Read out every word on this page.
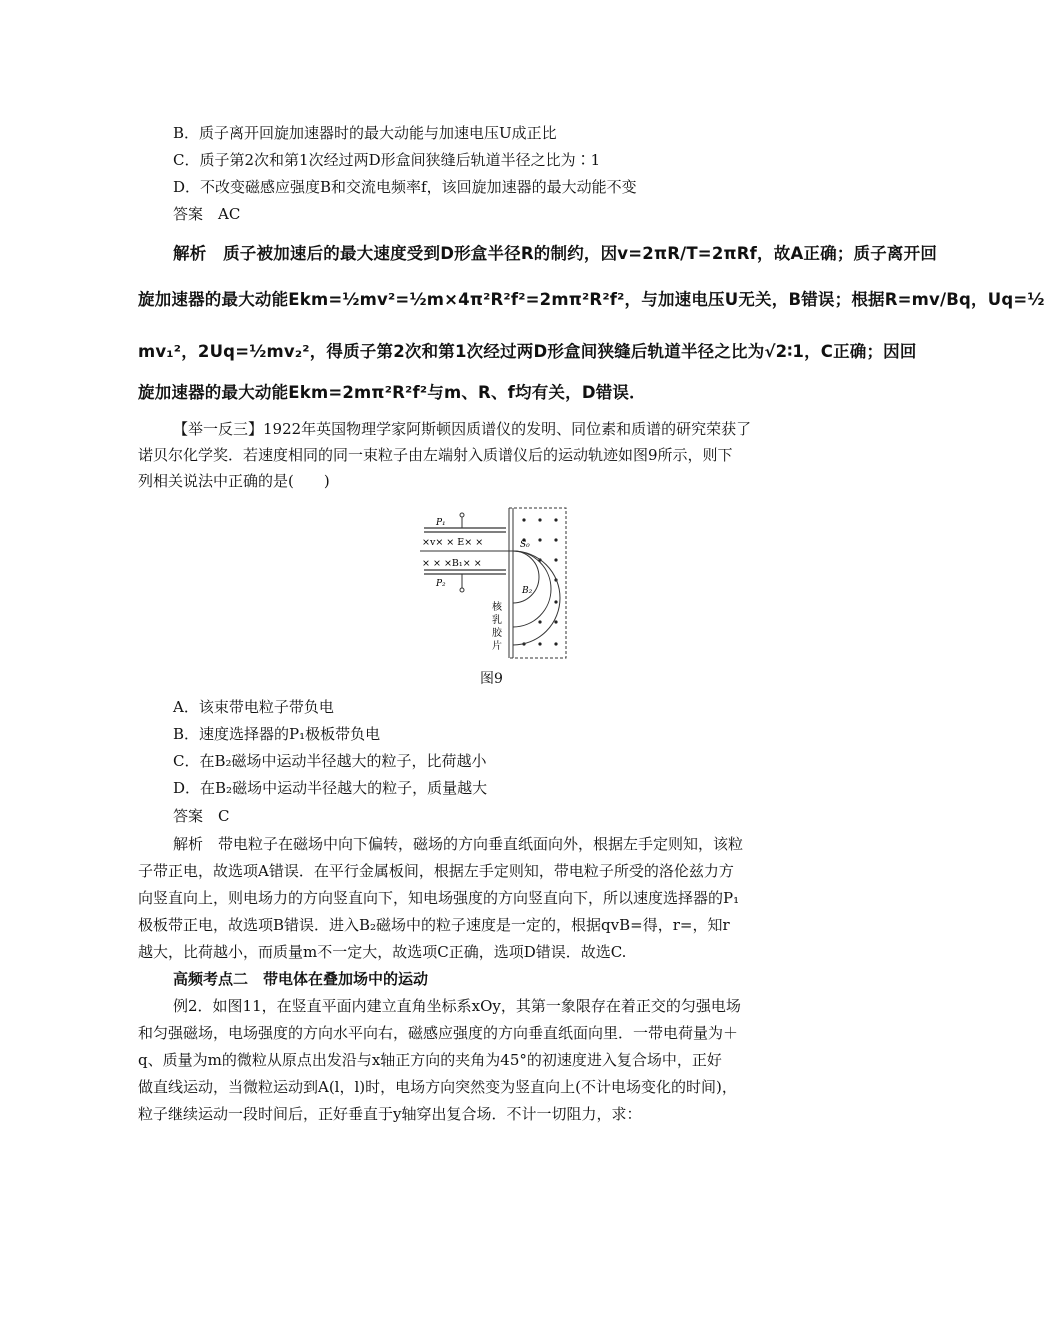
B．质子离开回旋加速器时的最大动能与加速电压U成正比
C．质子第2次和第1次经过两D形盒间狭缝后轨道半径之比为∶1
D．不改变磁感应强度B和交流电频率f，该回旋加速器的最大动能不变
答案　AC
解析　质子被加速后的最大速度受到D形盒半径R的制约，因v=2πR/T=2πRf，故A正确；质子离开回
旋加速器的最大动能Ekm=½mv²=½m×4π²R²f²=2mπ²R²f²，与加速电压U无关，B错误；根据R=mv/Bq，Uq=½
mv₁²，2Uq=½mv₂²，得质子第2次和第1次经过两D形盒间狭缝后轨道半径之比为√2∶1，C正确；因回
旋加速器的最大动能Ekm=2mπ²R²f²与m、R、f均有关，D错误．
【举一反三】1922年英国物理学家阿斯顿因质谱仪的发明、同位素和质谱的研究荣获了
诺贝尔化学奖．若速度相同的同一束粒子由左端射入质谱仪后的运动轨迹如图9所示，则下
列相关说法中正确的是(　　)
P₁
P₂
×v× × E× ×
× × ×B₁× ×
S₀
B₂
核
乳
胶
片
图9
A．该束带电粒子带负电
B．速度选择器的P₁极板带负电
C．在B₂磁场中运动半径越大的粒子，比荷越小
D．在B₂磁场中运动半径越大的粒子，质量越大
答案　C
解析　带电粒子在磁场中向下偏转，磁场的方向垂直纸面向外，根据左手定则知，该粒
子带正电，故选项A错误．在平行金属板间，根据左手定则知，带电粒子所受的洛伦兹力方
向竖直向上，则电场力的方向竖直向下，知电场强度的方向竖直向下，所以速度选择器的P₁
极板带正电，故选项B错误．进入B₂磁场中的粒子速度是一定的，根据qvB=得，r=，知r
越大，比荷越小，而质量m不一定大，故选项C正确，选项D错误．故选C.
高频考点二　带电体在叠加场中的运动
例2．如图11，在竖直平面内建立直角坐标系xOy，其第一象限存在着正交的匀强电场
和匀强磁场，电场强度的方向水平向右，磁感应强度的方向垂直纸面向里．一带电荷量为＋
q、质量为m的微粒从原点出发沿与x轴正方向的夹角为45°的初速度进入复合场中，正好
做直线运动，当微粒运动到A(l，l)时，电场方向突然变为竖直向上(不计电场变化的时间)，
粒子继续运动一段时间后，正好垂直于y轴穿出复合场．不计一切阻力，求：
